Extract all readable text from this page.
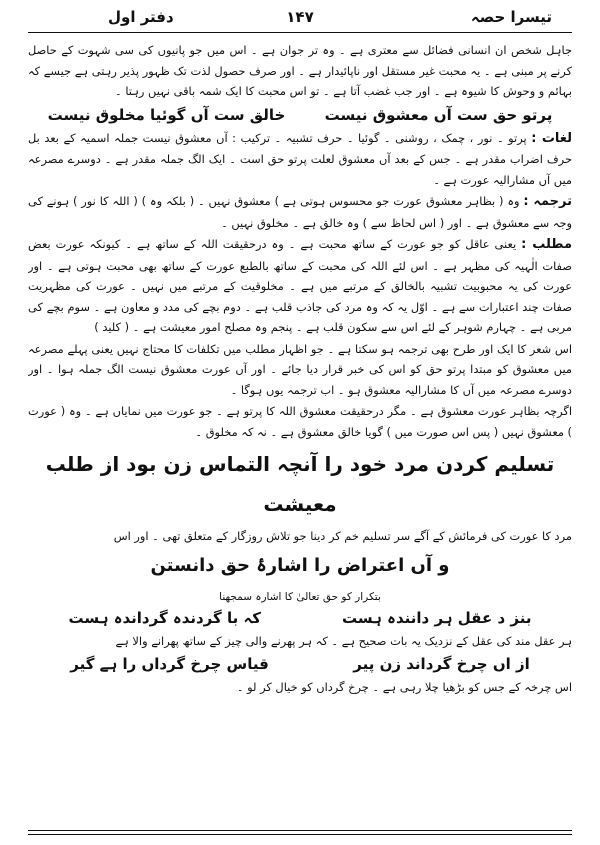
دفتر اول	۱۴۷	تیسرا حصہ

جاہل شخص ان انسانی فضائل سے معتری ہے ۔ وہ تر جوان ہے ۔ اس میں جو پانیوں کی سی شہوت کے حاصل کرنے پر مبنی ہے ۔ یہ محبت غیر مستقل اور ناپائیدار ہے ۔ اور صرف حصول لذت تک ظہور پذیر رہتی ہے جیسے کہ بہائم و وحوش کا شیوہ ہے ۔ اور جب غضب آتا ہے ۔ تو اس محبت کا ایک شمہ باقی نہیں رہتا ۔

پرتو حق ست آں معشوق نیست
خالق ست آں گوئیا مخلوق نیست

لغات : پرتو ۔ نور ، چمک ، روشنی ۔ گوئیا ۔ حرف تشبیہ ۔ ترکیب : آں معشوق نیست جملہ اسمیہ کے بعد بل حرف اضراب مقدر ہے ۔ جس کے بعد آں معشوق لعلت پرتو حق است ۔ ایک الگ جملہ مقدر ہے ۔ دوسرے مصرعہ میں آں مشارالیہ عورت ہے ۔

ترجمہ : وہ ( بظاہر معشوق عورت جو محسوس ہوتی ہے ) معشوق نہیں ۔ ( بلکہ وہ ) ( اللہ کا نور ) ہونے کی وجہ سے معشوق ہے ۔ اور ( اس لحاظ سے ) وہ خالق ہے ۔ مخلوق نہیں ۔

مطلب : یعنی عاقل کو جو عورت کے ساتھ محبت ہے ۔ وہ درحقیقت اللہ کے ساتھ ہے ۔ کیونکہ عورت بعض صفات الٰہیہ کی مظہر ہے ۔ اس لئے اللہ کی محبت کے ساتھ بالطبع عورت کے ساتھ بھی محبت ہوتی ہے ۔ اور عورت کی یہ محبوبیت تشبیہ بالخالق کے مرتبے میں ہے ۔ مخلوقیت کے مرتبے میں نہیں ۔ عورت کی مظہریت صفات چند اعتبارات سے ہے ۔ اوّل یہ کہ وہ مرد کی جاذب قلب ہے ۔ دوم بچے کی مدد و معاون ہے ۔ سوم بچے کی مربی ہے ۔ چہارم شوہر کے لئے اس سے سکون قلب ہے ۔ پنجم وہ مصلح امور معیشت ہے ۔ ( کلید )

اس شعر کا ایک اور طرح بھی ترجمہ ہو سکتا ہے ۔ جو اظہار مطلب میں تکلفات کا محتاج نہیں یعنی پہلے مصرعہ میں معشوق کو مبتدا پرتو حق کو اس کی خبر قرار دیا جائے ۔ اور آں عورت معشوق نیست الگ جملہ ہوا ۔ اور دوسرے مصرعہ میں آں کا مشارالیہ معشوق ہو ۔ اب ترجمہ یوں ہوگا ۔

اگرچہ بظاہر عورت معشوق ہے ۔ مگر درحقیقت معشوق اللہ کا پرتو ہے ۔ جو عورت میں نمایاں ہے ۔ وہ ( عورت ) معشوق نہیں ( پس اس صورت میں ) گویا خالق معشوق ہے ۔ نہ کہ مخلوق ۔

تسلیم کردن مرد خود را آنچہ التماس زن بود از طلب معیشت

مرد کا عورت کی فرمائش کے آگے سر تسلیم خم کر دینا جو تلاش روزگار کے متعلق تھی ۔ اور اس

و آں اعتراض را اشارۂ حق دانستن
بتکرار کو حق تعالیٰ کا اشارہ سمجھنا
بنز د عقل ہر دانندہ ہست
کہ با گردندہ گرداندہ ہست

ہر عقل مند کی عقل کے نزدیک یہ بات صحیح ہے ۔ کہ ہر پھرنے والی چیز کے ساتھ پھرانے والا ہے

از اں چرخ گرداند زن پیر
قیاس چرخ گرداں را ہے گیر

اس چرخہ کے جس کو بڑھیا چلا رہی ہے ۔ چرخ گرداں کو خیال کر لو ۔
